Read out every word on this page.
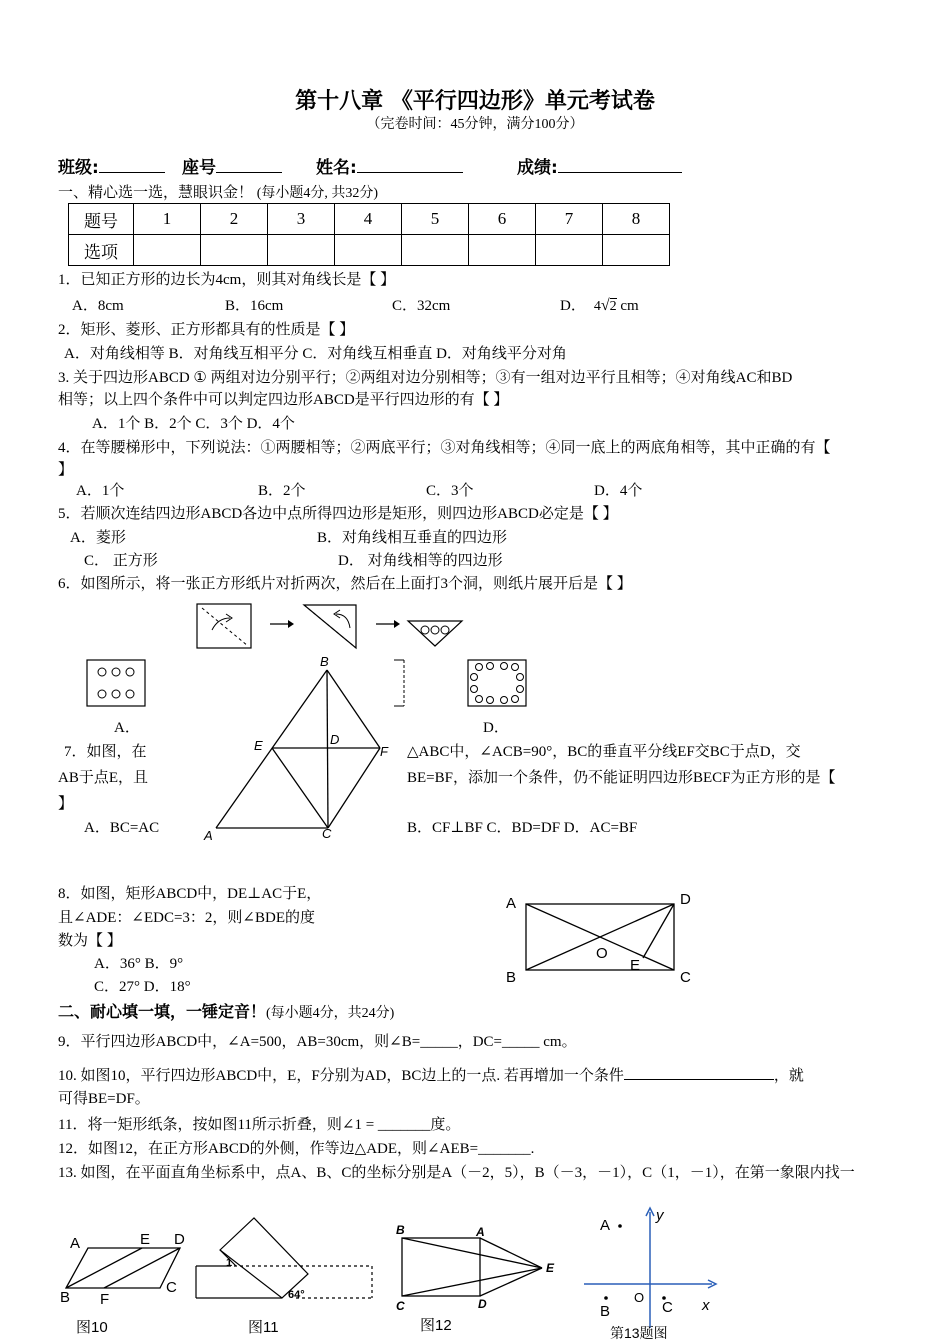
第十八章 《平行四边形》单元考试卷
（完卷时间：45分钟，满分100分）
班级:	座号	姓名:	成绩:
一、精心选一选，慧眼识金！ (每小题4分, 共32分)
题号	1	2	3	4	5	6	7	8
选项								
1．已知正方形的边长为4cm，则其对角线长是【 】
A．8cm	B．16cm	C．32cm	D． 4√2 cm
2．矩形、菱形、正方形都具有的性质是【 】
A．对角线相等 B．对角线互相平分 C．对角线互相垂直 D．对角线平分对角
3. 关于四边形ABCD ① 两组对边分别平行；②两组对边分别相等；③有一组对边平行且相等；④对角线AC和BD
相等；以上四个条件中可以判定四边形ABCD是平行四边形的有【 】
A．1个 B．2个 C．3个 D．4个
4．在等腰梯形中，下列说法：①两腰相等；②两底平行；③对角线相等；④同一底上的两底角相等，其中正确的有【
】
A．1个	B．2个	C．3个	D．4个
5．若顺次连结四边形ABCD各边中点所得四边形是矩形，则四边形ABCD必定是【 】
A．菱形	B．对角线相互垂直的四边形
C． 正方形	D． 对角线相等的四边形
6．如图所示，将一张正方形纸片对折两次，然后在上面打3个洞，则纸片展开后是【 】
A．	D．
7．如图，在
AB于点E，且
】
△ABC中，∠ACB=90°，BC的垂直平分线EF交BC于点D，交
BE=BF，添加一个条件，仍不能证明四边形BECF为正方形的是【
A．BC=AC	B．CF⊥BF C．BD=DF D．AC=BF
B
E	D
F
A	C
8．如图，矩形ABCD中，DE⊥AC于E，
且∠ADE：∠EDC=3：2，则∠BDE的度
数为【 】
A．36° B．9°
C．27° D．18°
A	D
B	C
O
E
二、耐心填一填，一锤定音！(每小题4分，共24分)
9．平行四边形ABCD中，∠A=500，AB=30cm，则∠B=_____，DC=_____ cm。
10. 如图10，平行四边形ABCD中，E，F分别为AD，BC边上的一点. 若再增加一个条件	，就
可得BE=DF。
11．将一矩形纸条，按如图11所示折叠，则∠1 = _______度。
12．如图12，在正方形ABCD的外侧，作等边△ADE，则∠AEB=_______.
13. 如图，在平面直角坐标系中，点A、B、C的坐标分别是A（－2，5），B（－3，－1），C（1，－1），在第一象限内找一
A	E D
B F
C
图10
1
64°
图11
B	A
E
C	D
图12
A
B	C
O	x
y
第13题图
